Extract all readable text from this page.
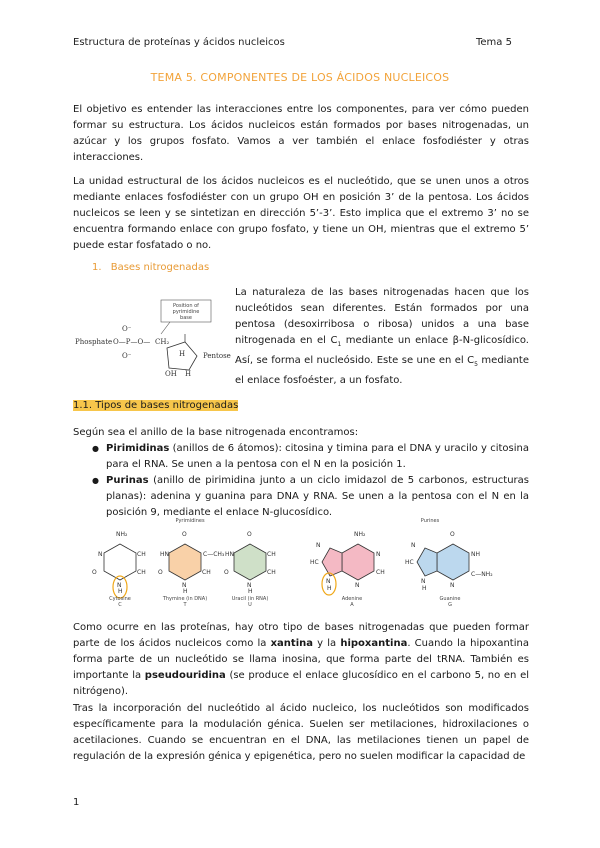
Estructura de proteínas y ácidos nucleicos	Tema 5
TEMA 5. COMPONENTES DE LOS ÁCIDOS NUCLEICOS
El objetivo es entender las interacciones entre los componentes, para ver cómo pueden formar su estructura. Los ácidos nucleicos están formados por bases nitrogenadas, un azúcar y los grupos fosfato. Vamos a ver también el enlace fosfodiéster y otras interacciones.
La unidad estructural de los ácidos nucleicos es el nucleótido, que se unen unos a otros mediante enlaces fosfodiéster con un grupo OH en posición 3’ de la pentosa. Los ácidos nucleicos se leen y se sintetizan en dirección 5’-3’. Esto implica que el extremo 3’ no se encuentra formando enlace con grupo fosfato, y tiene un OH, mientras que el extremo 5’ puede estar fosfatado o no.
1. Bases nitrogenadas
Position of
pyrimidine
base
Phosphate O—P—O—
O⁻
O⁻
CH₂
H
OH H
Pentose
La naturaleza de las bases nitrogenadas hacen que los nucleótidos sean diferentes. Están formados por una pentosa (desoxirribosa o ribosa) unidos a una base nitrogenada en el $C_1$ mediante un enlace β-N-glicosídico. Así, se forma el nucleósido. Este se une en el $C_5$ mediante el enlace fosfoéster, a un fosfato.
1.1. Tipos de bases nitrogenadas
Según sea el anillo de la base nitrogenada encontramos:
● Pirimidinas (anillos de 6 átomos): citosina y timina para el DNA y uracilo y citosina para el RNA. Se unen a la pentosa con el N en la posición 1.
● Purinas (anillo de pirimidina junto a un ciclo imidazol de 5 carbonos, estructuras planas): adenina y guanina para DNA y RNA. Se unen a la pentosa con el N en la posición 9, mediante el enlace N-glucosídico.
Pyrimidines	Purines
NH₂
N	CH
CH
O
N
H
Cytosine
C
O
HN	C—CH₃
CH
O
N
H
Thymine (in DNA)
T
O
HN	CH
CH
O
N
H
Uracil (in RNA)
U
NH₂
N
CH
N
N
HC
N
H
Adenine
A
O
NH
C—NH₂
N
N
HC
N
H
Guanine
G
Como ocurre en las proteínas, hay otro tipo de bases nitrogenadas que pueden formar parte de los ácidos nucleicos como la xantina y la hipoxantina. Cuando la hipoxantina forma parte de un nucleótido se llama inosina, que forma parte del tRNA. También es importante la pseudouridina (se produce el enlace glucosídico en el carbono 5, no en el nitrógeno).
Tras la incorporación del nucleótido al ácido nucleico, los nucleótidos son modificados específicamente para la modulación génica. Suelen ser metilaciones, hidroxilaciones o acetilaciones. Cuando se encuentran en el DNA, las metilaciones tienen un papel de regulación de la expresión génica y epigenética, pero no suelen modificar la capacidad de
1
